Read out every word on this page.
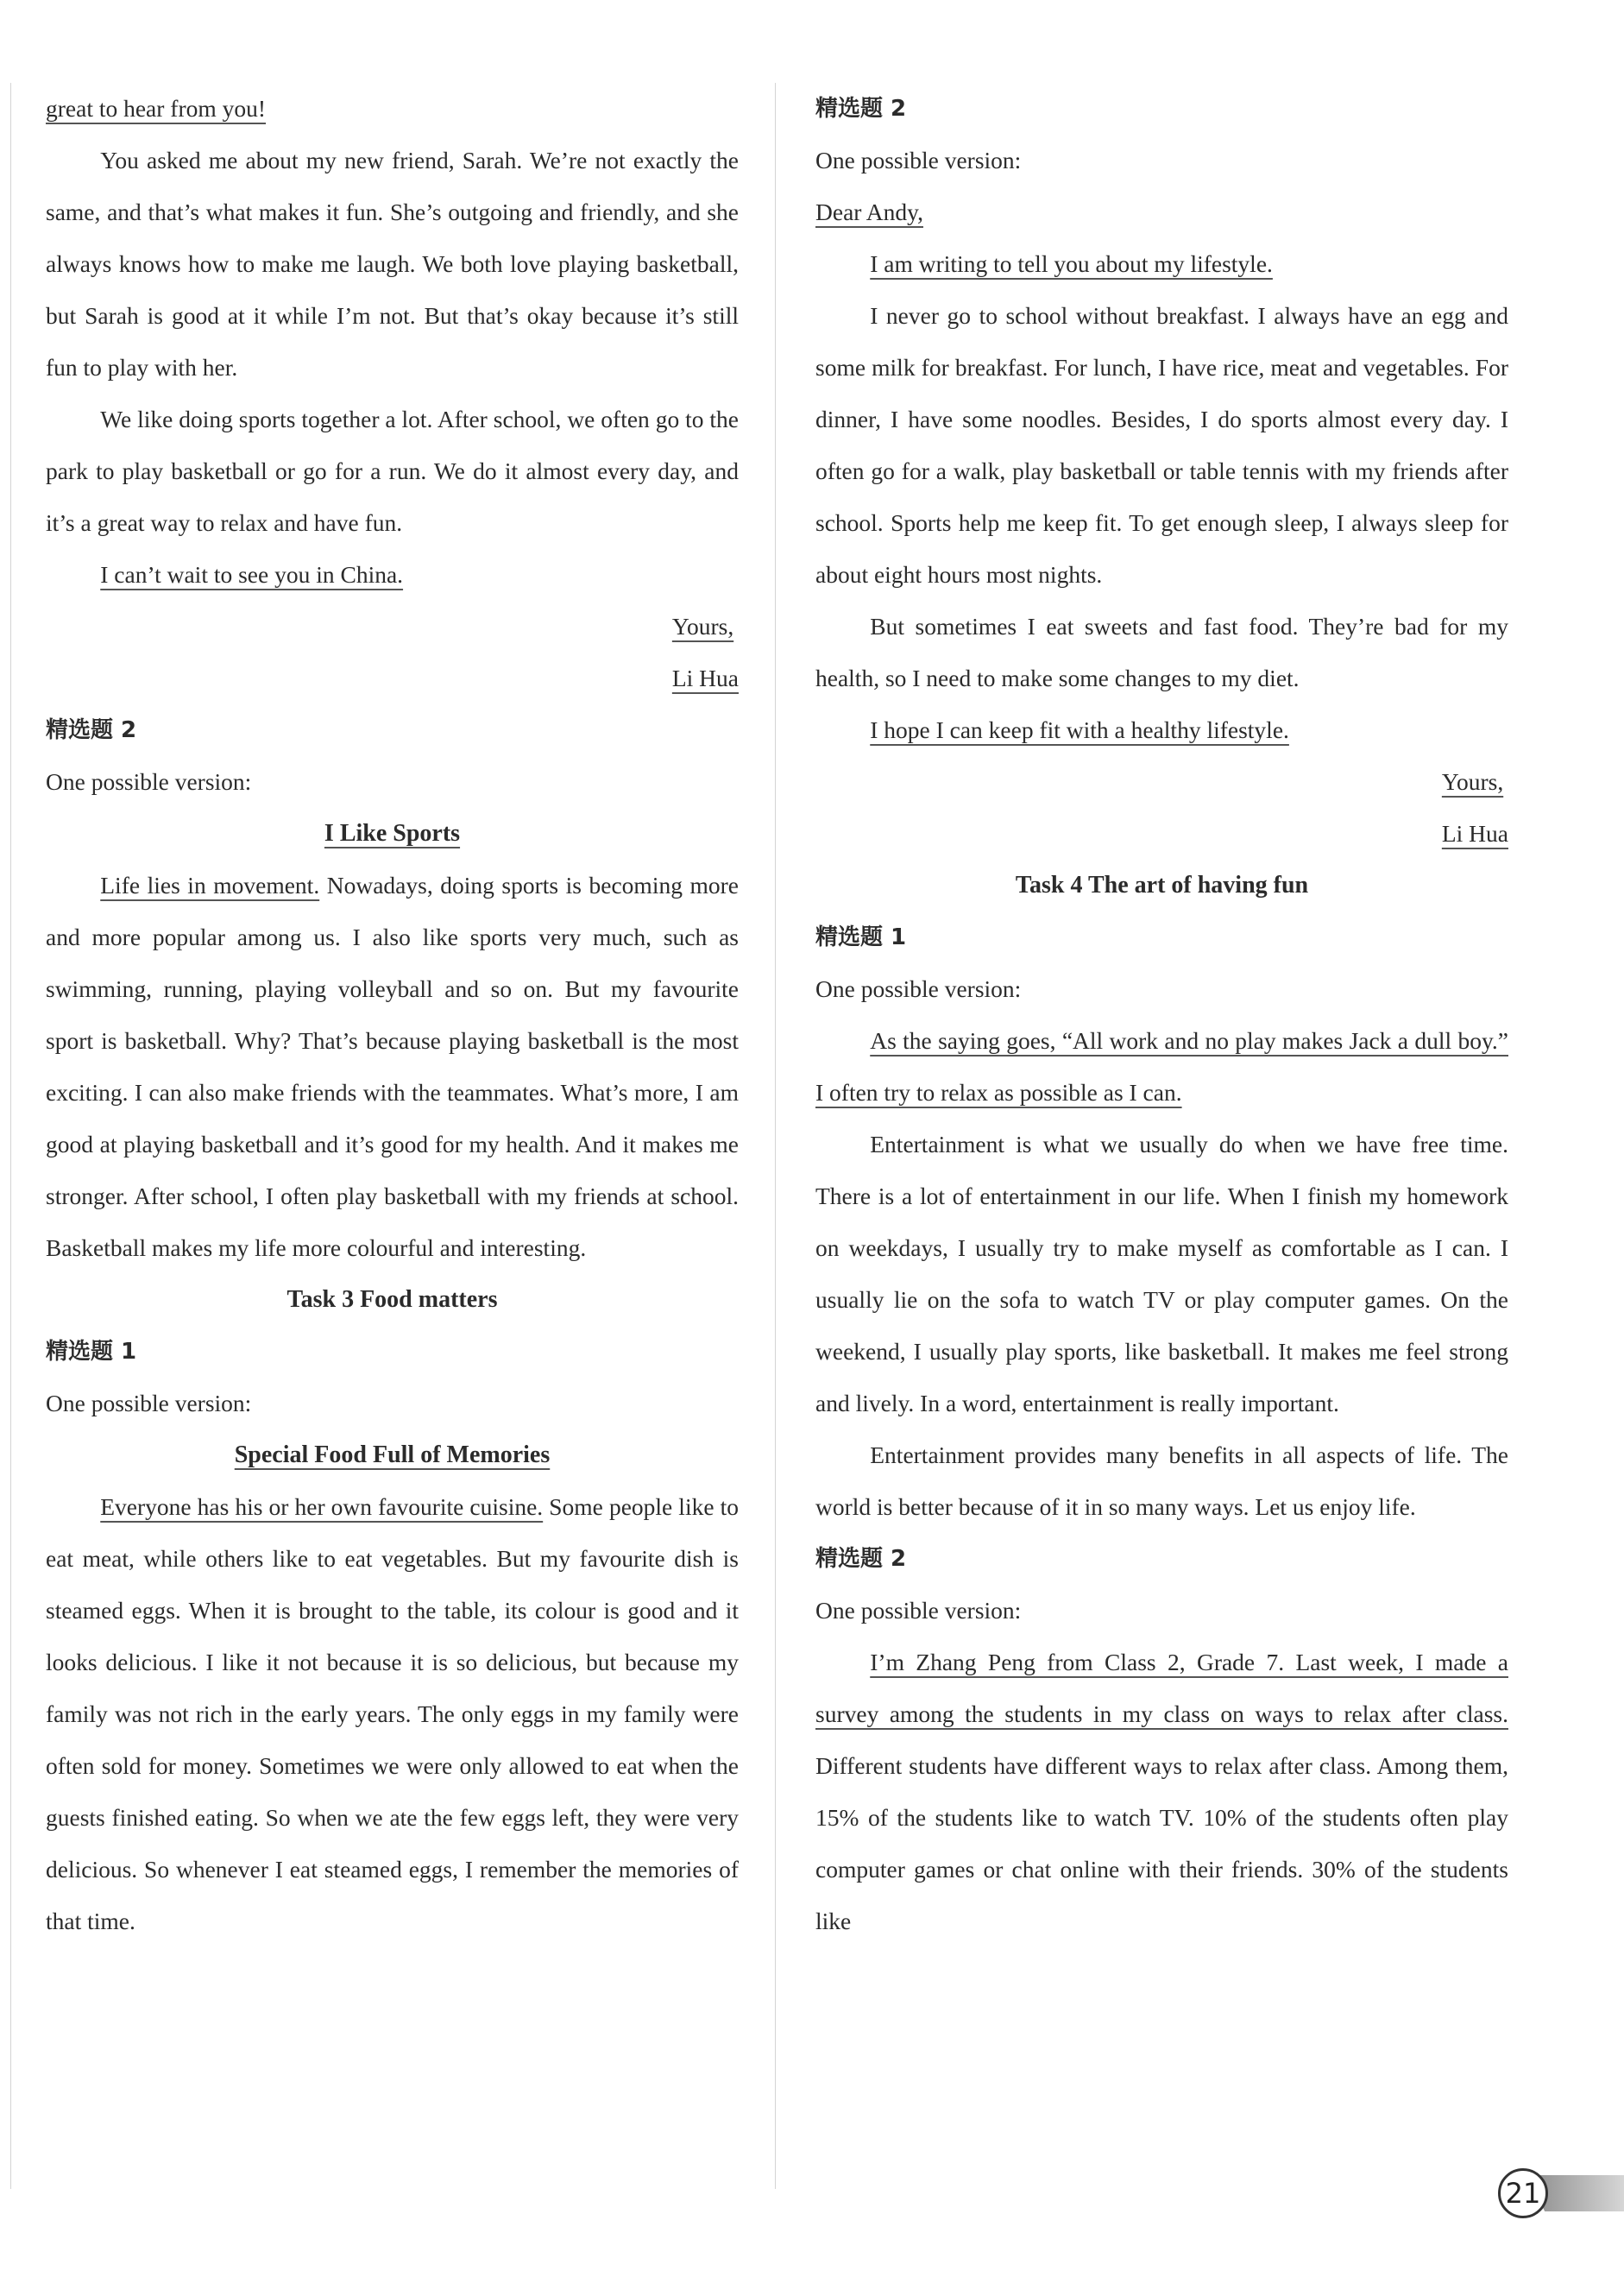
great to hear from you!

You asked me about my new friend, Sarah. We’re not exactly the same, and that’s what makes it fun. She’s outgoing and friendly, and she always knows how to make me laugh. We both love playing basketball, but Sarah is good at it while I’m not. But that’s okay because it’s still fun to play with her.

We like doing sports together a lot. After school, we often go to the park to play basketball or go for a run. We do it almost every day, and it’s a great way to relax and have fun.

I can’t wait to see you in China.

Yours,
Li Hua

精选题 2

One possible version:

I Like Sports

Life lies in movement. Nowadays, doing sports is becoming more and more popular among us. I also like sports very much, such as swimming, running, playing volleyball and so on. But my favourite sport is basketball. Why? That’s because playing basketball is the most exciting. I can also make friends with the teammates. What’s more, I am good at playing basketball and it’s good for my health. And it makes me stronger. After school, I often play basketball with my friends at school. Basketball makes my life more colourful and interesting.

Task 3 Food matters

精选题 1

One possible version:

Special Food Full of Memories

Everyone has his or her own favourite cuisine. Some people like to eat meat, while others like to eat vegetables. But my favourite dish is steamed eggs. When it is brought to the table, its colour is good and it looks delicious. I like it not because it is so delicious, but because my family was not rich in the early years. The only eggs in my family were often sold for money. Sometimes we were only allowed to eat when the guests finished eating. So when we ate the few eggs left, they were very delicious. So whenever I eat steamed eggs, I remember the memories of that time.

精选题 2

One possible version:

Dear Andy,

I am writing to tell you about my lifestyle.

I never go to school without breakfast. I always have an egg and some milk for breakfast. For lunch, I have rice, meat and vegetables. For dinner, I have some noodles. Besides, I do sports almost every day. I often go for a walk, play basketball or table tennis with my friends after school. Sports help me keep fit. To get enough sleep, I always sleep for about eight hours most nights.

But sometimes I eat sweets and fast food. They’re bad for my health, so I need to make some changes to my diet.

I hope I can keep fit with a healthy lifestyle.

Yours,
Li Hua

Task 4 The art of having fun

精选题 1

One possible version:

As the saying goes, “All work and no play makes Jack a dull boy.” I often try to relax as possible as I can.

Entertainment is what we usually do when we have free time. There is a lot of entertainment in our life. When I finish my homework on weekdays, I usually try to make myself as comfortable as I can. I usually lie on the sofa to watch TV or play computer games. On the weekend, I usually play sports, like basketball. It makes me feel strong and lively. In a word, entertainment is really important.

Entertainment provides many benefits in all aspects of life. The world is better because of it in so many ways. Let us enjoy life.

精选题 2

One possible version:

I’m Zhang Peng from Class 2, Grade 7. Last week, I made a survey among the students in my class on ways to relax after class. Different students have different ways to relax after class. Among them, 15% of the students like to watch TV. 10% of the students often play computer games or chat online with their friends. 30% of the students like

21
